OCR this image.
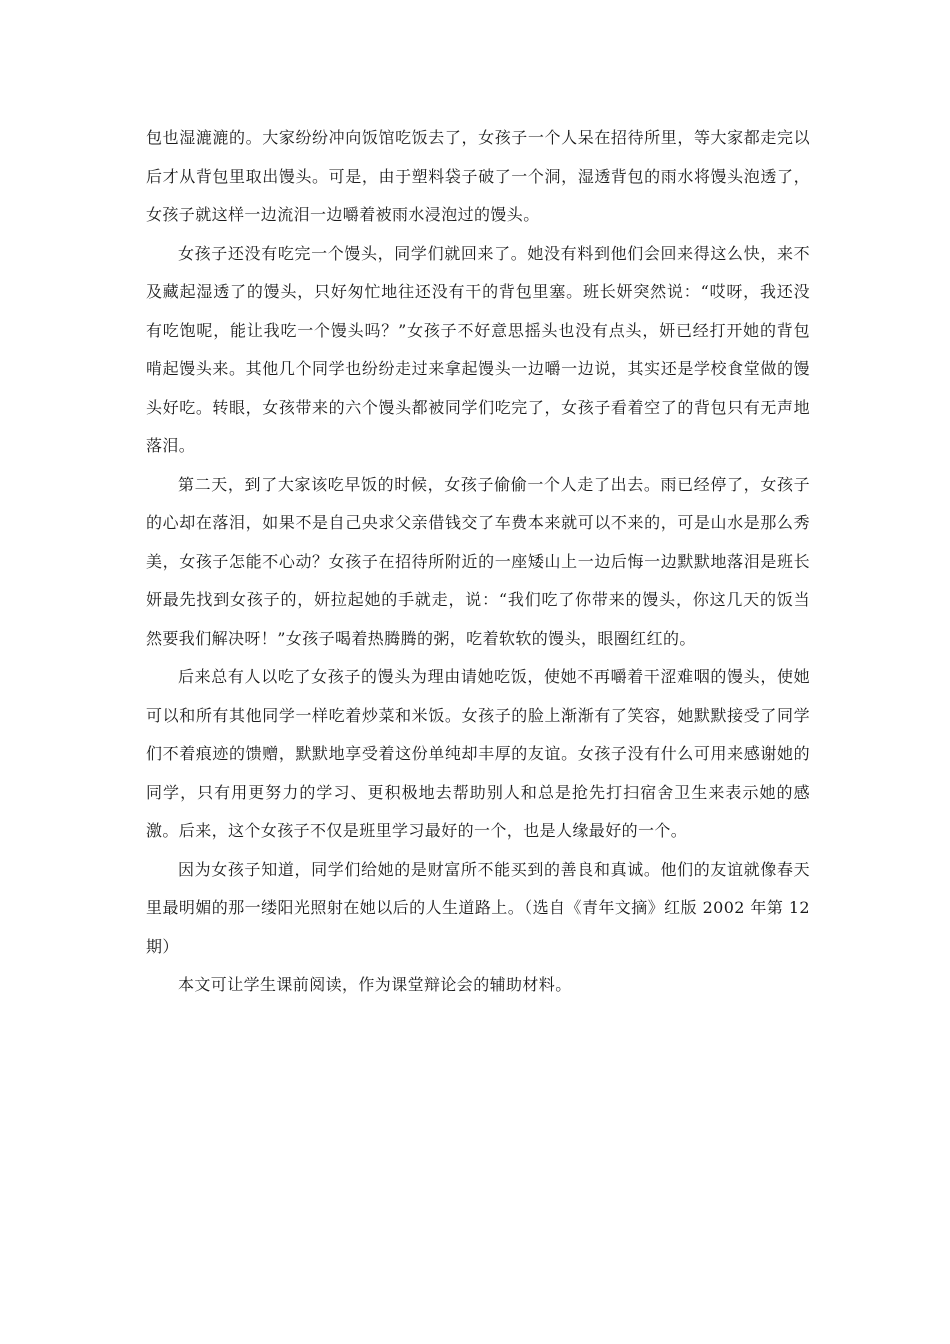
包也湿漉漉的。大家纷纷冲向饭馆吃饭去了，女孩子一个人呆在招待所里，等大家都走完以后才从背包里取出馒头。可是，由于塑料袋子破了一个洞，湿透背包的雨水将馒头泡透了，女孩子就这样一边流泪一边嚼着被雨水浸泡过的馒头。

女孩子还没有吃完一个馒头，同学们就回来了。她没有料到他们会回来得这么快，来不及藏起湿透了的馒头，只好匆忙地往还没有干的背包里塞。班长妍突然说：“哎呀，我还没有吃饱呢，能让我吃一个馒头吗？”女孩子不好意思摇头也没有点头，妍已经打开她的背包啃起馒头来。其他几个同学也纷纷走过来拿起馒头一边嚼一边说，其实还是学校食堂做的馒头好吃。转眼，女孩带来的六个馒头都被同学们吃完了，女孩子看着空了的背包只有无声地落泪。

第二天，到了大家该吃早饭的时候，女孩子偷偷一个人走了出去。雨已经停了，女孩子的心却在落泪，如果不是自己央求父亲借钱交了车费本来就可以不来的，可是山水是那么秀美，女孩子怎能不心动？女孩子在招待所附近的一座矮山上一边后悔一边默默地落泪是班长妍最先找到女孩子的，妍拉起她的手就走，说：“我们吃了你带来的馒头，你这几天的饭当然要我们解决呀！”女孩子喝着热腾腾的粥，吃着软软的馒头，眼圈红红的。

后来总有人以吃了女孩子的馒头为理由请她吃饭，使她不再嚼着干涩难咽的馒头，使她可以和所有其他同学一样吃着炒菜和米饭。女孩子的脸上渐渐有了笑容，她默默接受了同学们不着痕迹的馈赠，默默地享受着这份单纯却丰厚的友谊。女孩子没有什么可用来感谢她的同学，只有用更努力的学习、更积极地去帮助别人和总是抢先打扫宿舍卫生来表示她的感激。后来，这个女孩子不仅是班里学习最好的一个，也是人缘最好的一个。

因为女孩子知道，同学们给她的是财富所不能买到的善良和真诚。他们的友谊就像春天里最明媚的那一缕阳光照射在她以后的人生道路上。（选自《青年文摘》红版 2002 年第 12 期）

本文可让学生课前阅读，作为课堂辩论会的辅助材料。
